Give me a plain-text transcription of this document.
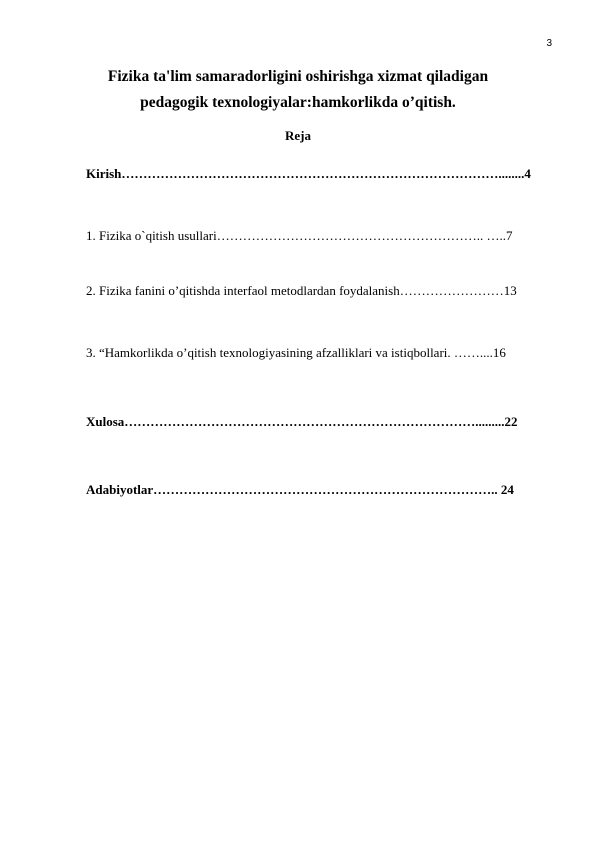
3
Fizika ta'lim samaradorligini oshirishga xizmat qiladigan
pedagogik texnologiyalar:hamkorlikda o’qitish.
Reja
Kirish……………………………………………………………………………........4
1. Fizika o`qitish usullari…………………………………………………….. …..7
2. Fizika fanini o’qitishda interfaol metodlardan foydalanish……………………13
3. “Hamkorlikda o’qitish texnologiyasining afzalliklari va istiqbollari. ……....16
Xulosa……………………………………………………………………….........22
Adabiyotlar…………………………………………………………………….. 24
